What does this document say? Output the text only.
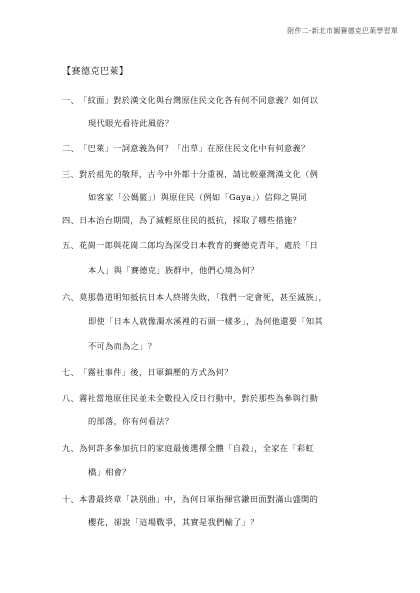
附件二-新北市圖賽德克巴萊學習單
【賽德克巴萊】
一、「紋面」對於漢文化與台灣原住民文化各有何不同意義？如何以
現代眼光看待此風俗？
二、「巴萊」一詞意義為何？「出草」在原住民文化中有何意義？
三、對於祖先的敬拜，古今中外都十分重視，請比較臺灣漢文化（例
如客家「公媽籃」）與原住民（例如「Gaya」）信仰之異同
四、日本治台期間，為了減輕原住民的抵抗，採取了哪些措施？
五、花崗一郎與花崗二郎均為深受日本教育的賽德克青年，處於「日
本人」與「賽德克」族群中，他們心境為何？
六、莫那魯道明知抵抗日本人終將失敗，「我們一定會死，甚至滅族」，
即使「日本人就像濁水溪裡的石頭一樣多」，為何他還要「知其
不可為而為之」？
七、「霧社事件」後，日軍鎮壓的方式為何？
八、霧社當地原住民並未全數投入反日行動中，對於那些為參與行動
的部落，你有何看法？
九、為何許多參加抗日的家庭最後選擇全體「自殺」，全家在「彩虹
橋」相會？
十、本書最終章「訣別曲」中，為何日軍指揮官鎌田面對滿山盛開的
櫻花，卻說「這場戰爭，其實是我們輸了」？
